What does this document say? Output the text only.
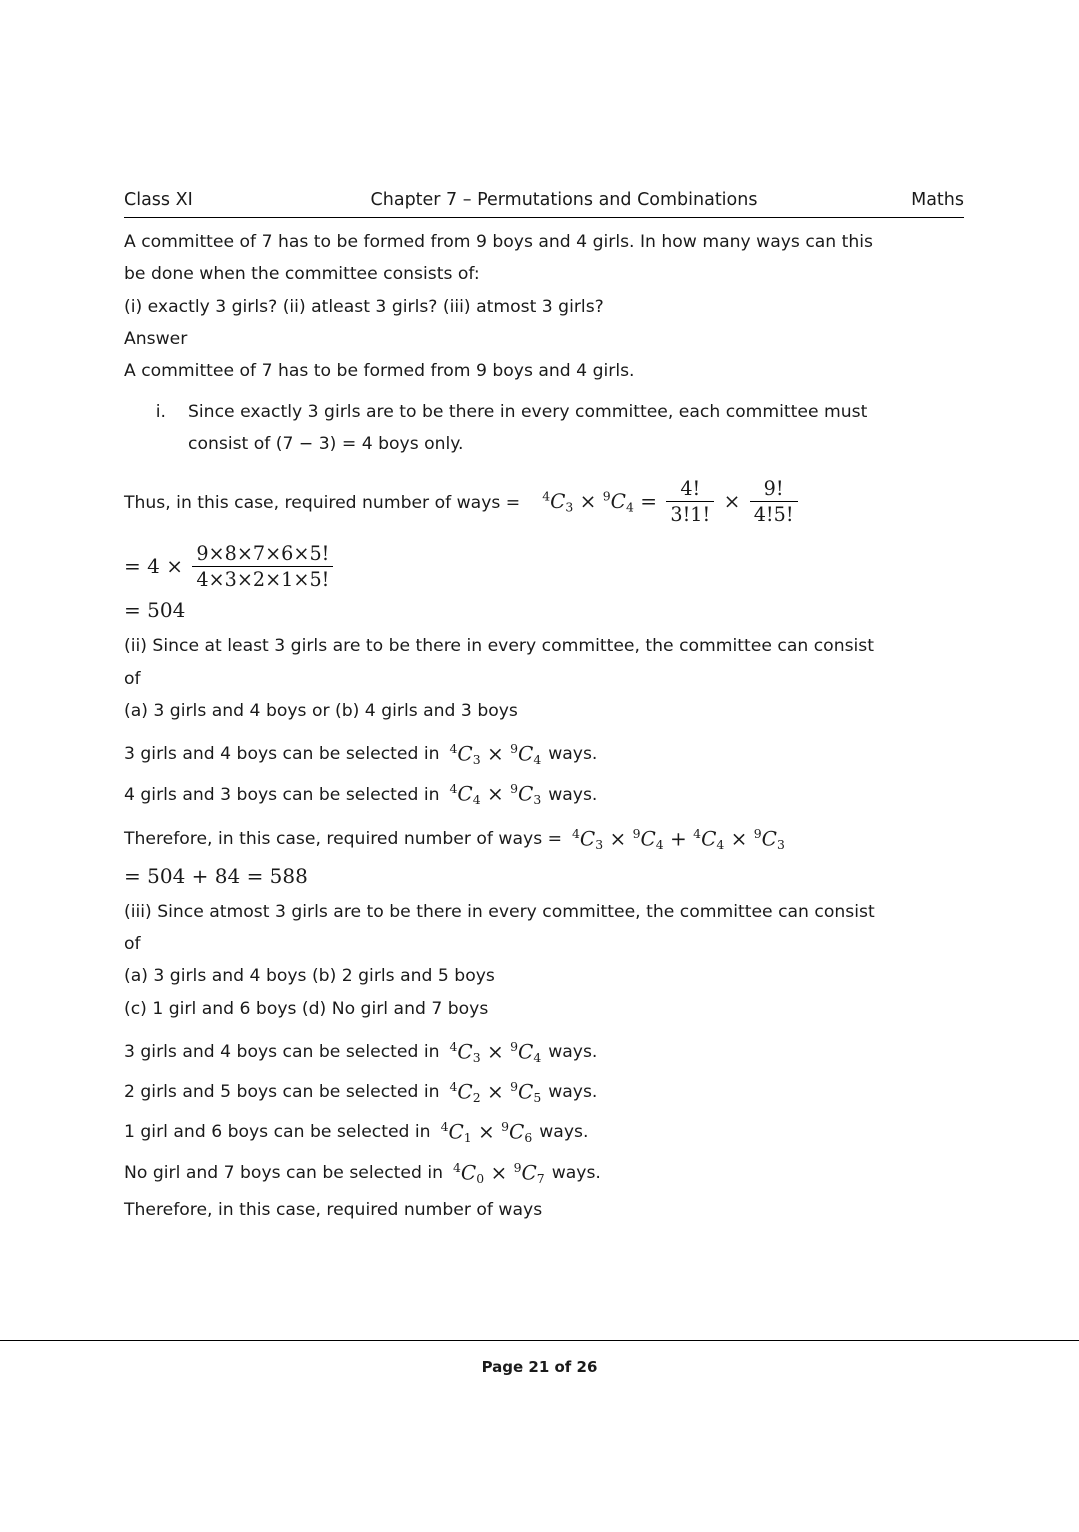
Class XI	Chapter 7 – Permutations and Combinations	Maths

A committee of 7 has to be formed from 9 boys and 4 girls. In how many ways can this

be done when the committee consists of:

(i) exactly 3 girls? (ii) atleast 3 girls? (iii) atmost 3 girls?

Answer

A committee of 7 has to be formed from 9 boys and 4 girls.

i.	Since exactly 3 girls are to be there in every committee, each committee must
consist of (7 − 3) = 4 boys only.
Thus, in this case, required number of ways = $^4C_3 \times ^9C_4 = \frac{4!}{3!1!} \times \frac{9!}{4!5!}$
= $4 \times \frac{9\times 8\times 7\times 6\times 5!}{4\times 3\times 2\times 1\times 5!}$
= 504

(ii) Since at least 3 girls are to be there in every committee, the committee can consist

of

(a) 3 girls and 4 boys or (b) 4 girls and 3 boys

3 girls and 4 boys can be selected in $^4C_3 \times ^9C_4$ ways.
4 girls and 3 boys can be selected in $^4C_4 \times ^9C_3$ ways.
Therefore, in this case, required number of ways = $^4C_3 \times ^9C_4 + ^4C_4 \times ^9C_3$
= 504 + 84 = 588

(iii) Since atmost 3 girls are to be there in every committee, the committee can consist

of

(a) 3 girls and 4 boys (b) 2 girls and 5 boys

(c) 1 girl and 6 boys (d) No girl and 7 boys

3 girls and 4 boys can be selected in $^4C_3 \times ^9C_4$ ways.
2 girls and 5 boys can be selected in $^4C_2 \times ^9C_5$ ways.
1 girl and 6 boys can be selected in $^4C_1 \times ^9C_6$ ways.
No girl and 7 boys can be selected in $^4C_0 \times ^9C_7$ ways.

Therefore, in this case, required number of ways

Page 21 of 26
